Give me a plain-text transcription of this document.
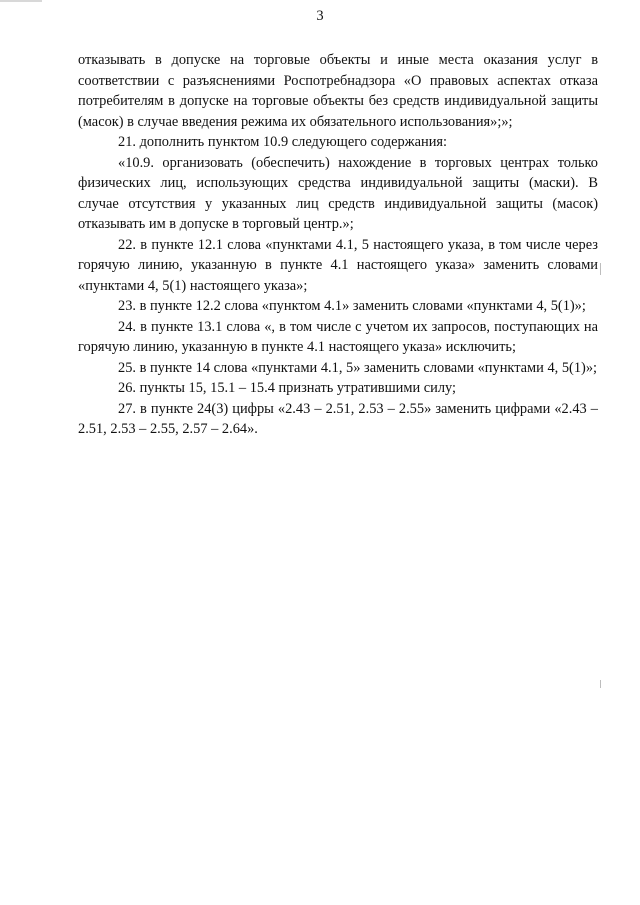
3

отказывать в допуске на торговые объекты и иные места оказания услуг в соответствии с разъяснениями Роспотребнадзора «О правовых аспектах отказа потребителям в допуске на торговые объекты без средств индивидуальной защиты (масок) в случае введения режима их обязательного использования»;»;

21. дополнить пунктом 10.9 следующего содержания:

«10.9. организовать (обеспечить) нахождение в торговых центрах только физических лиц, использующих средства индивидуальной защиты (маски). В случае отсутствия у указанных лиц средств индивидуальной защиты (масок) отказывать им в допуске в торговый центр.»;

22. в пункте 12.1 слова «пунктами 4.1, 5 настоящего указа, в том числе через горячую линию, указанную в пункте 4.1 настоящего указа» заменить словами «пунктами 4, 5(1) настоящего указа»;

23. в пункте 12.2 слова «пунктом 4.1» заменить словами «пунктами 4, 5(1)»;

24. в пункте 13.1 слова «, в том числе с учетом их запросов, поступающих на горячую линию, указанную в пункте 4.1 настоящего указа» исключить;

25. в пункте 14 слова «пунктами 4.1, 5» заменить словами «пунктами 4, 5(1)»;

26. пункты 15, 15.1 – 15.4 признать утратившими силу;

27. в пункте 24(3) цифры «2.43 – 2.51, 2.53 – 2.55» заменить цифрами «2.43 – 2.51, 2.53 – 2.55, 2.57 – 2.64».
